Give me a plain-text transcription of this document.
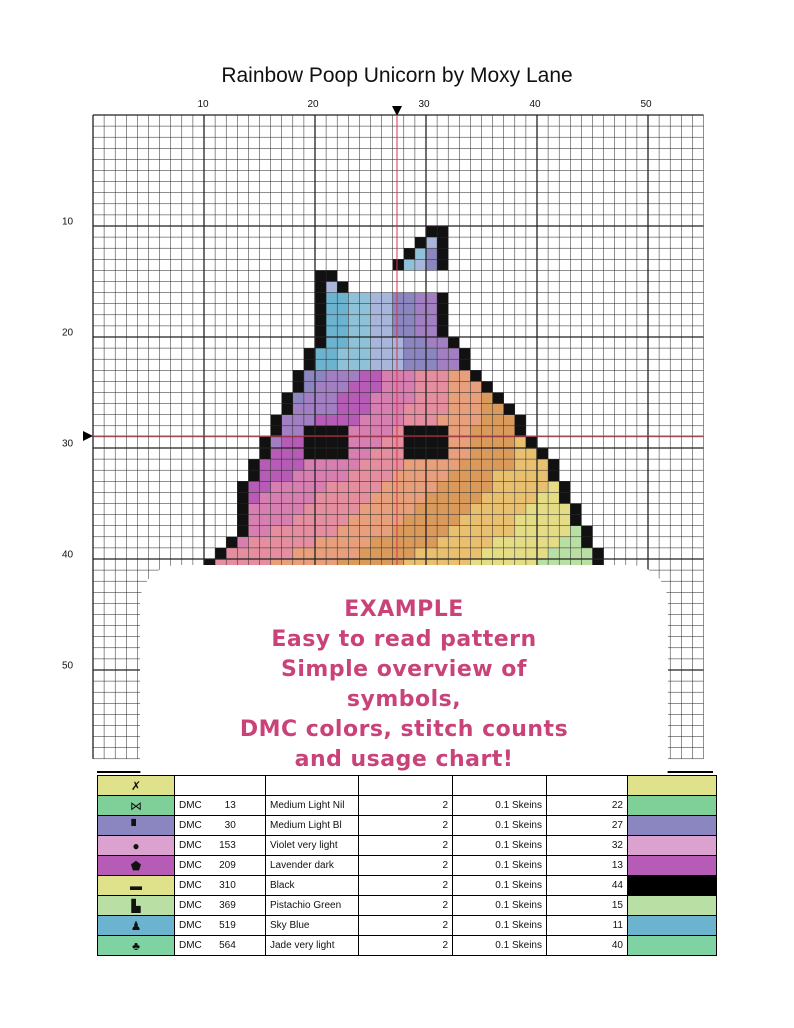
Rainbow Poop Unicorn by Moxy Lane
10	20	30	40	50
10
20
30
40
50
EXAMPLE
Easy to read pattern
Simple overview of
symbols,
DMC colors, stitch counts
and usage chart!
✗						
⋈	DMC 13	Medium Light Nil	2	0.1 Skeins	22	
▘	DMC 30	Medium Light Bl	2	0.1 Skeins	27	
●	DMC 153	Violet very light	2	0.1 Skeins	32	
⬟	DMC 209	Lavender dark	2	0.1 Skeins	13	
▬	DMC 310	Black	2	0.1 Skeins	44	
▙	DMC 369	Pistachio Green	2	0.1 Skeins	15	
♟	DMC 519	Sky Blue	2	0.1 Skeins	11	
♣	DMC 564	Jade very light	2	0.1 Skeins	40	
